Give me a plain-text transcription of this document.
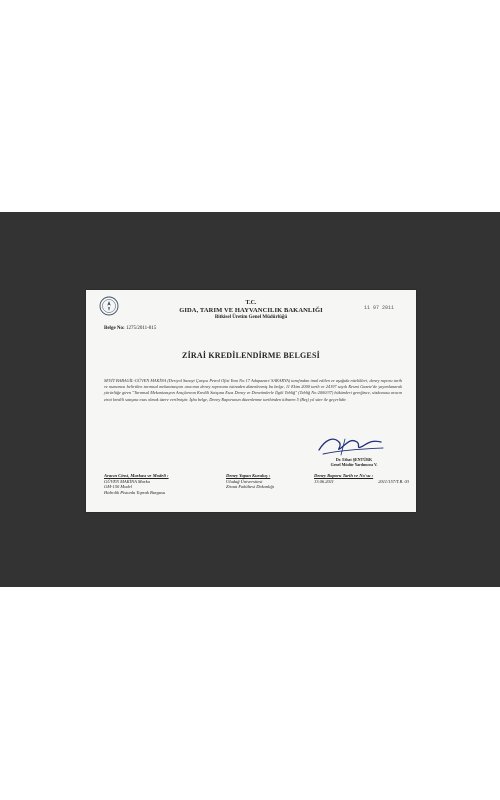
T.C.
GIDA, TARIM VE HAYVANCILIK BAKANLIĞI
Bitkisel Üretim Genel Müdürlüğü
11 07 2011
Belge No: 1275/2011-815
ZİRAİ KREDİLENDİRME BELGESİ
SEYİT BABAGİL-GÜVEN MAKİNA (Dertyol Sanayi Çarşısı Petrol Ofisi Yanı No:17 Adapazarı/ SAKARYA) tarafından imal edilen ve aşağıda nitelikleri, deney raporu tarih ve numarası belirtilen tarımsal mekanizasyon aracının deney raporuna istinaden düzenlenmiş bu belge, 11 Ekim 2000 tarih ve 24197 sayılı Resmi Gazete'de yayımlanarak yürürlüğe giren "Tarımsal Mekanizasyon Araçlarının Kredili Satışına Esas Deney ve Denetimlerle İlgili Tebliğ" (Tebliğ No:2000/37) hükümleri gereğince, sözkonusu aracın zirai kredili satışına esas olmak üzere verilmiştir. İşbu belge, Deney Raporunun düzenlenme tarihinden itibaren 5 (Beş) yıl süre ile geçerlidir.
Dr. Ethat ŞENTÜRK
Genel Müdür Yardımcısı V.
Aracın Cinsi, Markası ve Modeli :
GÜVEN MAKİNA Marka
GM-150 Model
Hidrolik Pistonlu Toprak Burgusu
Deney Yapan Kuruluş :
Uludağ Üniversitesi
Ziraat Fakültesi Dekanlığı
Deney Raporu Tarih ve No'su :
13.06.2011	2011/157/T.B. 03
